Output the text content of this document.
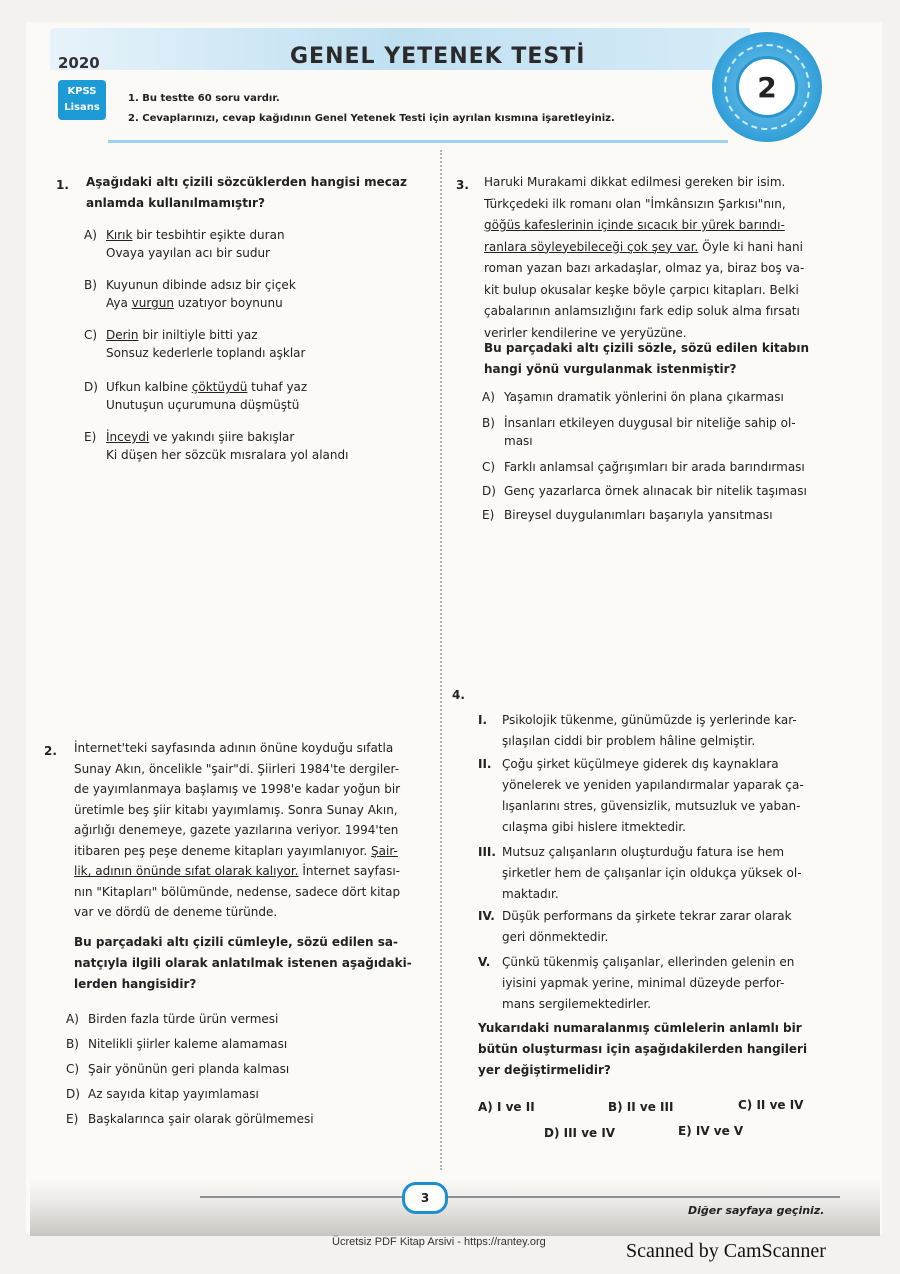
2020	GENEL YETENEK TESTİ
KPSS
Lisans
1. Bu testte 60 soru vardır.
2. Cevaplarınızı, cevap kağıdının Genel Yetenek Testi için ayrılan kısmına işaretleyiniz.
2
1. Aşağıdaki altı çizili sözcüklerden hangisi mecaz
anlamda kullanılmamıştır?
A) Kırık bir tesbihtir eşikte duran
Ovaya yayılan acı bir sudur
B) Kuyunun dibinde adsız bir çiçek
Aya vurgun uzatıyor boynunu
C) Derin bir iniltiyle bitti yaz
Sonsuz kederlerle toplandı aşklar
D) Ufkun kalbine çöktüydü tuhaf yaz
Unutuşun uçurumuna düşmüştü
E) İnceydi ve yakındı şiire bakışlar
Ki düşen her sözcük mısralara yol alandı
2. İnternet'teki sayfasında adının önüne koyduğu sıfatla
Sunay Akın, öncelikle "şair"di. Şiirleri 1984'te dergiler-
de yayımlanmaya başlamış ve 1998'e kadar yoğun bir
üretimle beş şiir kitabı yayımlamış. Sonra Sunay Akın,
ağırlığı denemeye, gazete yazılarına veriyor. 1994'ten
itibaren peş peşe deneme kitapları yayımlanıyor. Şair-
lik, adının önünde sıfat olarak kalıyor. İnternet sayfası-
nın "Kitapları" bölümünde, nedense, sadece dört kitap
var ve dördü de deneme türünde.
Bu parçadaki altı çizili cümleyle, sözü edilen sa-
natçıyla ilgili olarak anlatılmak istenen aşağıdaki-
lerden hangisidir?
A) Birden fazla türde ürün vermesi
B) Nitelikli şiirler kaleme alamaması
C) Şair yönünün geri planda kalması
D) Az sayıda kitap yayımlaması
E) Başkalarınca şair olarak görülmemesi
3. Haruki Murakami dikkat edilmesi gereken bir isim.
Türkçedeki ilk romanı olan "İmkânsızın Şarkısı"nın,
göğüs kafeslerinin içinde sıcacık bir yürek barındı-
ranlara söyleyebileceği çok şey var. Öyle ki hani hani
roman yazan bazı arkadaşlar, olmaz ya, biraz boş va-
kit bulup okusalar keşke böyle çarpıcı kitapları. Belki
çabalarının anlamsızlığını fark edip soluk alma fırsatı
verirler kendilerine ve yeryüzüne.
Bu parçadaki altı çizili sözle, sözü edilen kitabın
hangi yönü vurgulanmak istenmiştir?
A) Yaşamın dramatik yönlerini ön plana çıkarması
B) İnsanları etkileyen duygusal bir niteliğe sahip ol-
ması
C) Farklı anlamsal çağrışımları bir arada barındırması
D) Genç yazarlarca örnek alınacak bir nitelik taşıması
E) Bireysel duygulanımları başarıyla yansıtması
4.
I.	Psikolojik tükenme, günümüzde iş yerlerinde kar-
şılaşılan ciddi bir problem hâline gelmiştir.
II. Çoğu şirket küçülmeye giderek dış kaynaklara
yönelerek ve yeniden yapılandırmalar yaparak ça-
lışanlarını stres, güvensizlik, mutsuzluk ve yaban-
cılaşma gibi hislere itmektedir.
III. Mutsuz çalışanların oluşturduğu fatura ise hem
şirketler hem de çalışanlar için oldukça yüksek ol-
maktadır.
IV. Düşük performans da şirkete tekrar zarar olarak
geri dönmektedir.
V. Çünkü tükenmiş çalışanlar, ellerinden gelenin en
iyisini yapmak yerine, minimal düzeyde perfor-
mans sergilemektedirler.
Yukarıdaki numaralanmış cümlelerin anlamlı bir
bütün oluşturması için aşağıdakilerden hangileri
yer değiştirmelidir?
A) I ve II	B) II ve III	C) II ve IV
D) III ve IV	E) IV ve V
3
Diğer sayfaya geçiniz.
Ücretsiz PDF Kitap Arsivi - https://rantey.org	Scanned by CamScanner
